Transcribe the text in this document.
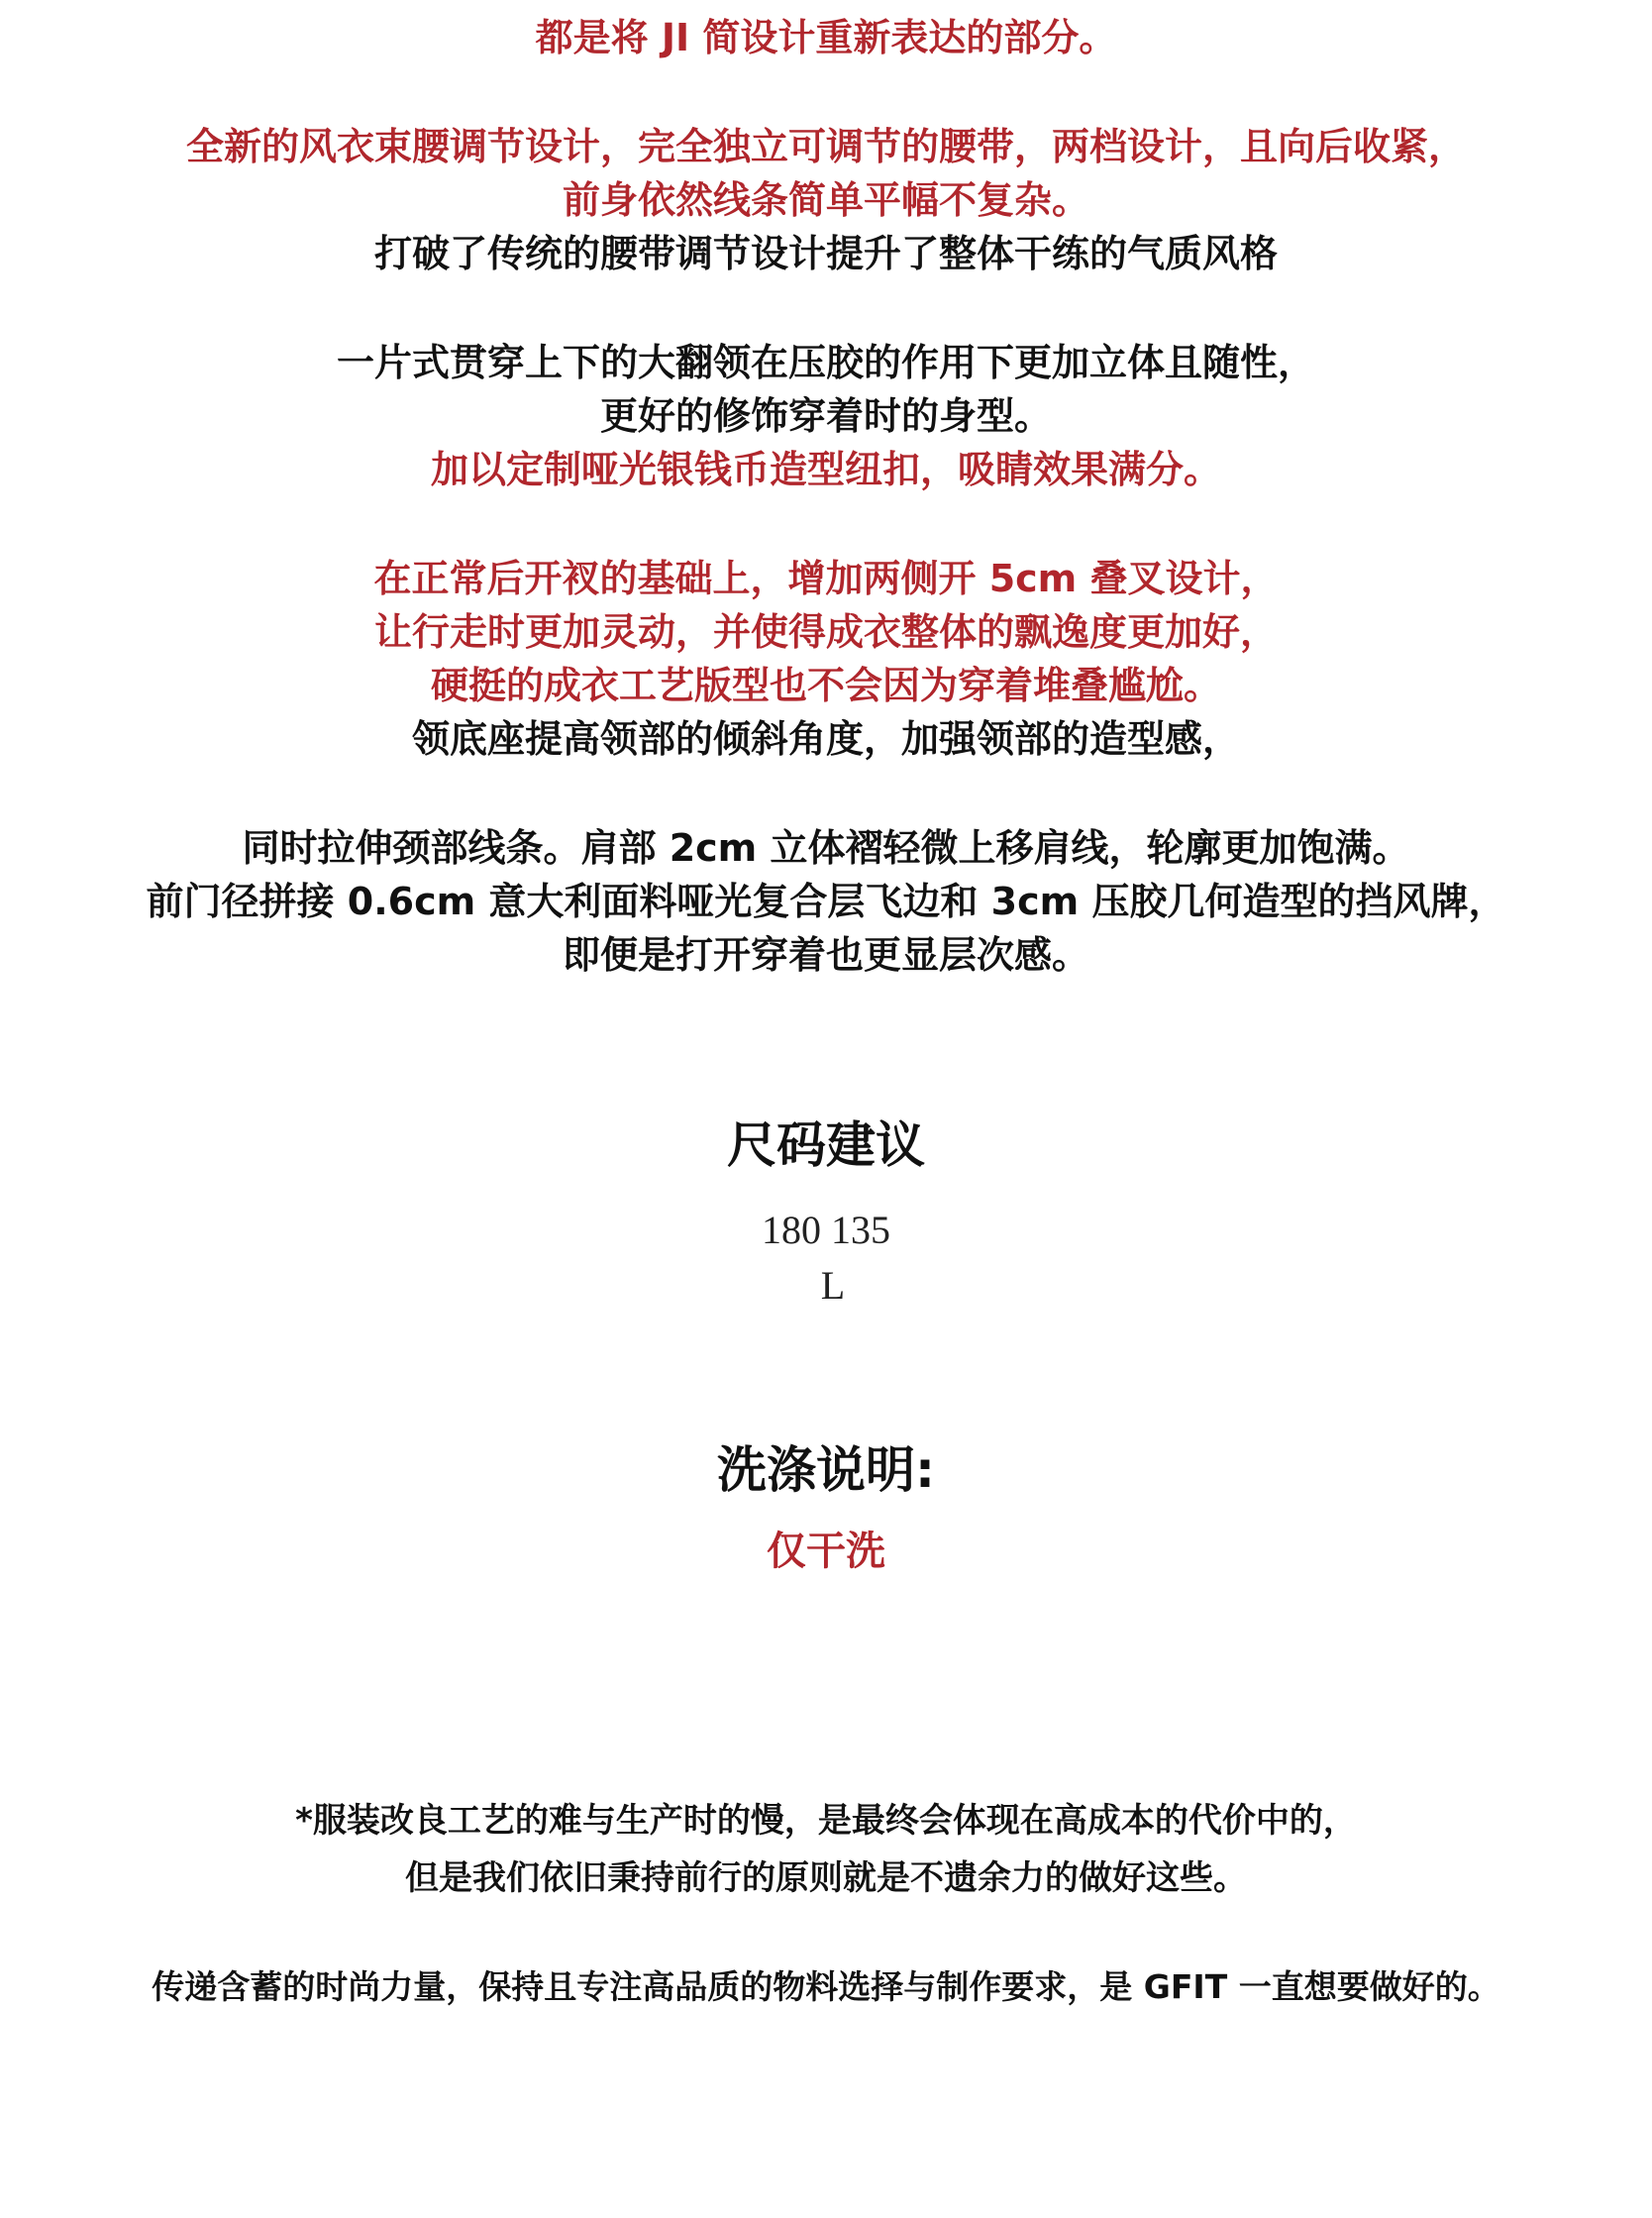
都是将 JI 简设计重新表达的部分。
全新的风衣束腰调节设计，完全独立可调节的腰带，两档设计，且向后收紧，
前身依然线条简单平幅不复杂。
打破了传统的腰带调节设计提升了整体干练的气质风格
一片式贯穿上下的大翻领在压胶的作用下更加立体且随性，
更好的修饰穿着时的身型。
加以定制哑光银钱币造型纽扣，吸睛效果满分。
在正常后开衩的基础上，增加两侧开 5cm 叠叉设计，
让行走时更加灵动，并使得成衣整体的飘逸度更加好，
硬挺的成衣工艺版型也不会因为穿着堆叠尴尬。
领底座提高领部的倾斜角度，加强领部的造型感，
同时拉伸颈部线条。肩部 2cm 立体褶轻微上移肩线，轮廓更加饱满。
前门径拼接 0.6cm 意大利面料哑光复合层飞边和 3cm 压胶几何造型的挡风牌，
即便是打开穿着也更显层次感。
尺码建议
180 135
L
洗涤说明:
仅干洗
*服装改良工艺的难与生产时的慢，是最终会体现在高成本的代价中的，
但是我们依旧秉持前行的原则就是不遗余力的做好这些。
传递含蓄的时尚力量，保持且专注高品质的物料选择与制作要求，是 GFIT 一直想要做好的。
